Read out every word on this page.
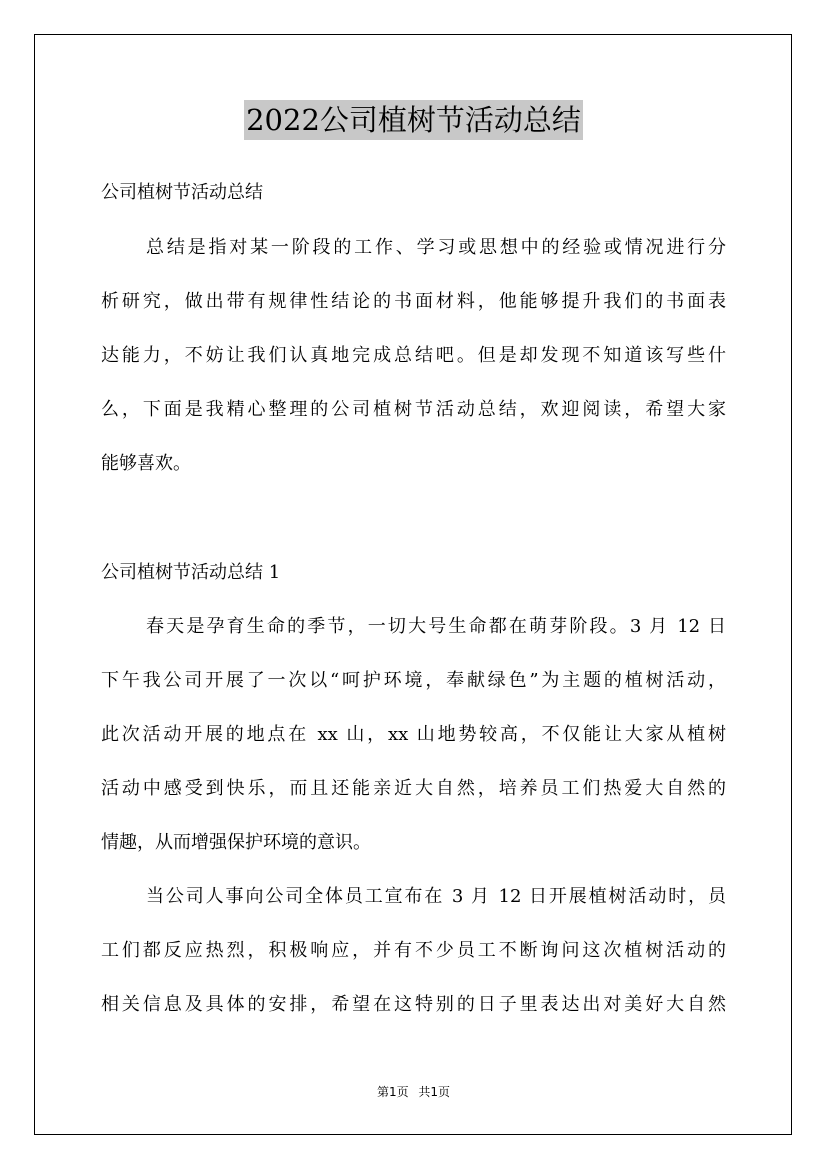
2022公司植树节活动总结
公司植树节活动总结
总结是指对某一阶段的工作、学习或思想中的经验或情况进行分
析研究，做出带有规律性结论的书面材料，他能够提升我们的书面表
达能力，不妨让我们认真地完成总结吧。但是却发现不知道该写些什
么，下面是我精心整理的公司植树节活动总结，欢迎阅读，希望大家
能够喜欢。
公司植树节活动总结 1
春天是孕育生命的季节，一切大号生命都在萌芽阶段。3 月 12 日
下午我公司开展了一次以“呵护环境，奉献绿色”为主题的植树活动，
此次活动开展的地点在 xx 山，xx 山地势较高，不仅能让大家从植树
活动中感受到快乐，而且还能亲近大自然，培养员工们热爱大自然的
情趣，从而增强保护环境的意识。
当公司人事向公司全体员工宣布在 3 月 12 日开展植树活动时，员
工们都反应热烈，积极响应，并有不少员工不断询问这次植树活动的
相关信息及具体的安排，希望在这特别的日子里表达出对美好大自然
第1页 共1页
